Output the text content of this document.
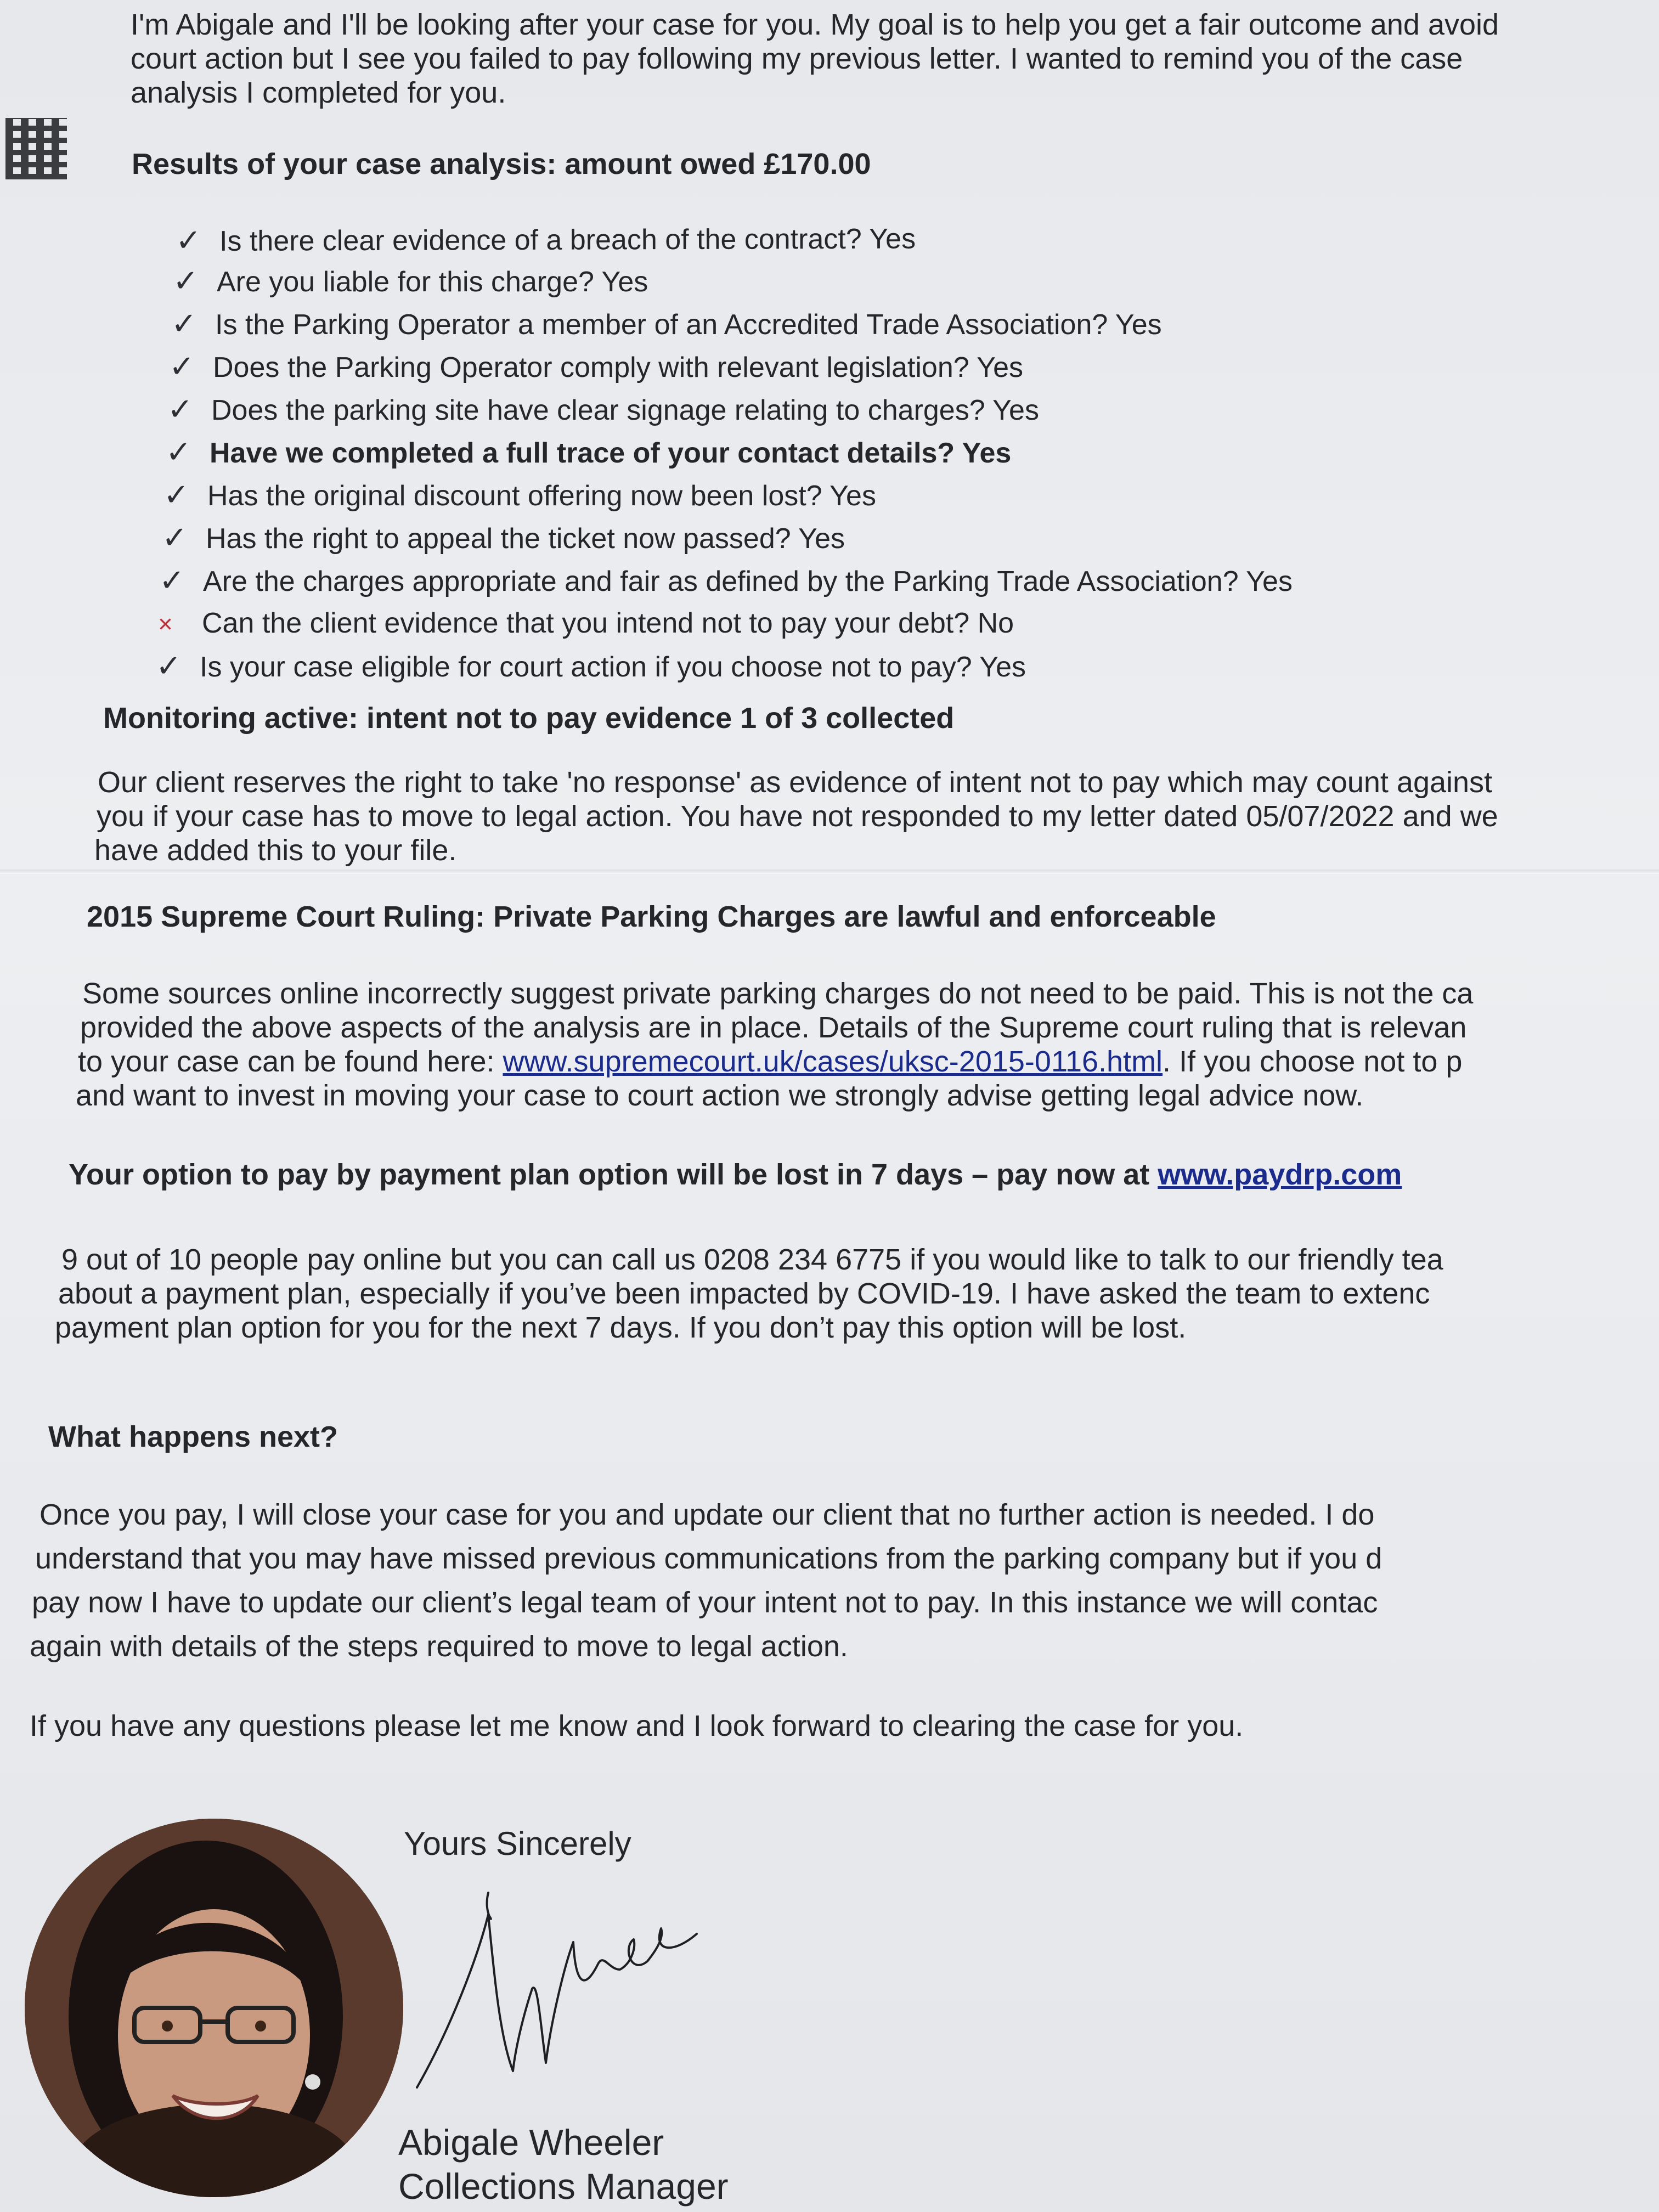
I'm Abigale and I'll be looking after your case for you. My goal is to help you get a fair outcome and avoid

court action but I see you failed to pay following my previous letter. I wanted to remind you of the case

analysis I completed for you.

Results of your case analysis: amount owed £170.00

✓ Is there clear evidence of a breach of the contract? Yes
✓ Are you liable for this charge? Yes
✓ Is the Parking Operator a member of an Accredited Trade Association? Yes
✓ Does the Parking Operator comply with relevant legislation? Yes
✓ Does the parking site have clear signage relating to charges? Yes
✓ Have we completed a full trace of your contact details? Yes
✓ Has the original discount offering now been lost? Yes
✓ Has the right to appeal the ticket now passed? Yes
✓ Are the charges appropriate and fair as defined by the Parking Trade Association? Yes
× Can the client evidence that you intend not to pay your debt? No
✓ Is your case eligible for court action if you choose not to pay? Yes

Monitoring active: intent not to pay evidence 1 of 3 collected

Our client reserves the right to take 'no response' as evidence of intent not to pay which may count against

you if your case has to move to legal action. You have not responded to my letter dated 05/07/2022 and we

have added this to your file.

2015 Supreme Court Ruling: Private Parking Charges are lawful and enforceable

Some sources online incorrectly suggest private parking charges do not need to be paid. This is not the ca

provided the above aspects of the analysis are in place. Details of the Supreme court ruling that is relevan

to your case can be found here: www.supremecourt.uk/cases/uksc-2015-0116.html. If you choose not to p

and want to invest in moving your case to court action we strongly advise getting legal advice now.

Your option to pay by payment plan option will be lost in 7 days – pay now at www.paydrp.com

9 out of 10 people pay online but you can call us 0208 234 6775 if you would like to talk to our friendly tea

about a payment plan, especially if you’ve been impacted by COVID-19. I have asked the team to extenc

payment plan option for you for the next 7 days. If you don’t pay this option will be lost.

What happens next?

Once you pay, I will close your case for you and update our client that no further action is needed. I do

understand that you may have missed previous communications from the parking company but if you d

pay now I have to update our client’s legal team of your intent not to pay. In this instance we will contac

again with details of the steps required to move to legal action.

If you have any questions please let me know and I look forward to clearing the case for you.

Yours Sincerely

Abigale Wheeler

Collections Manager
